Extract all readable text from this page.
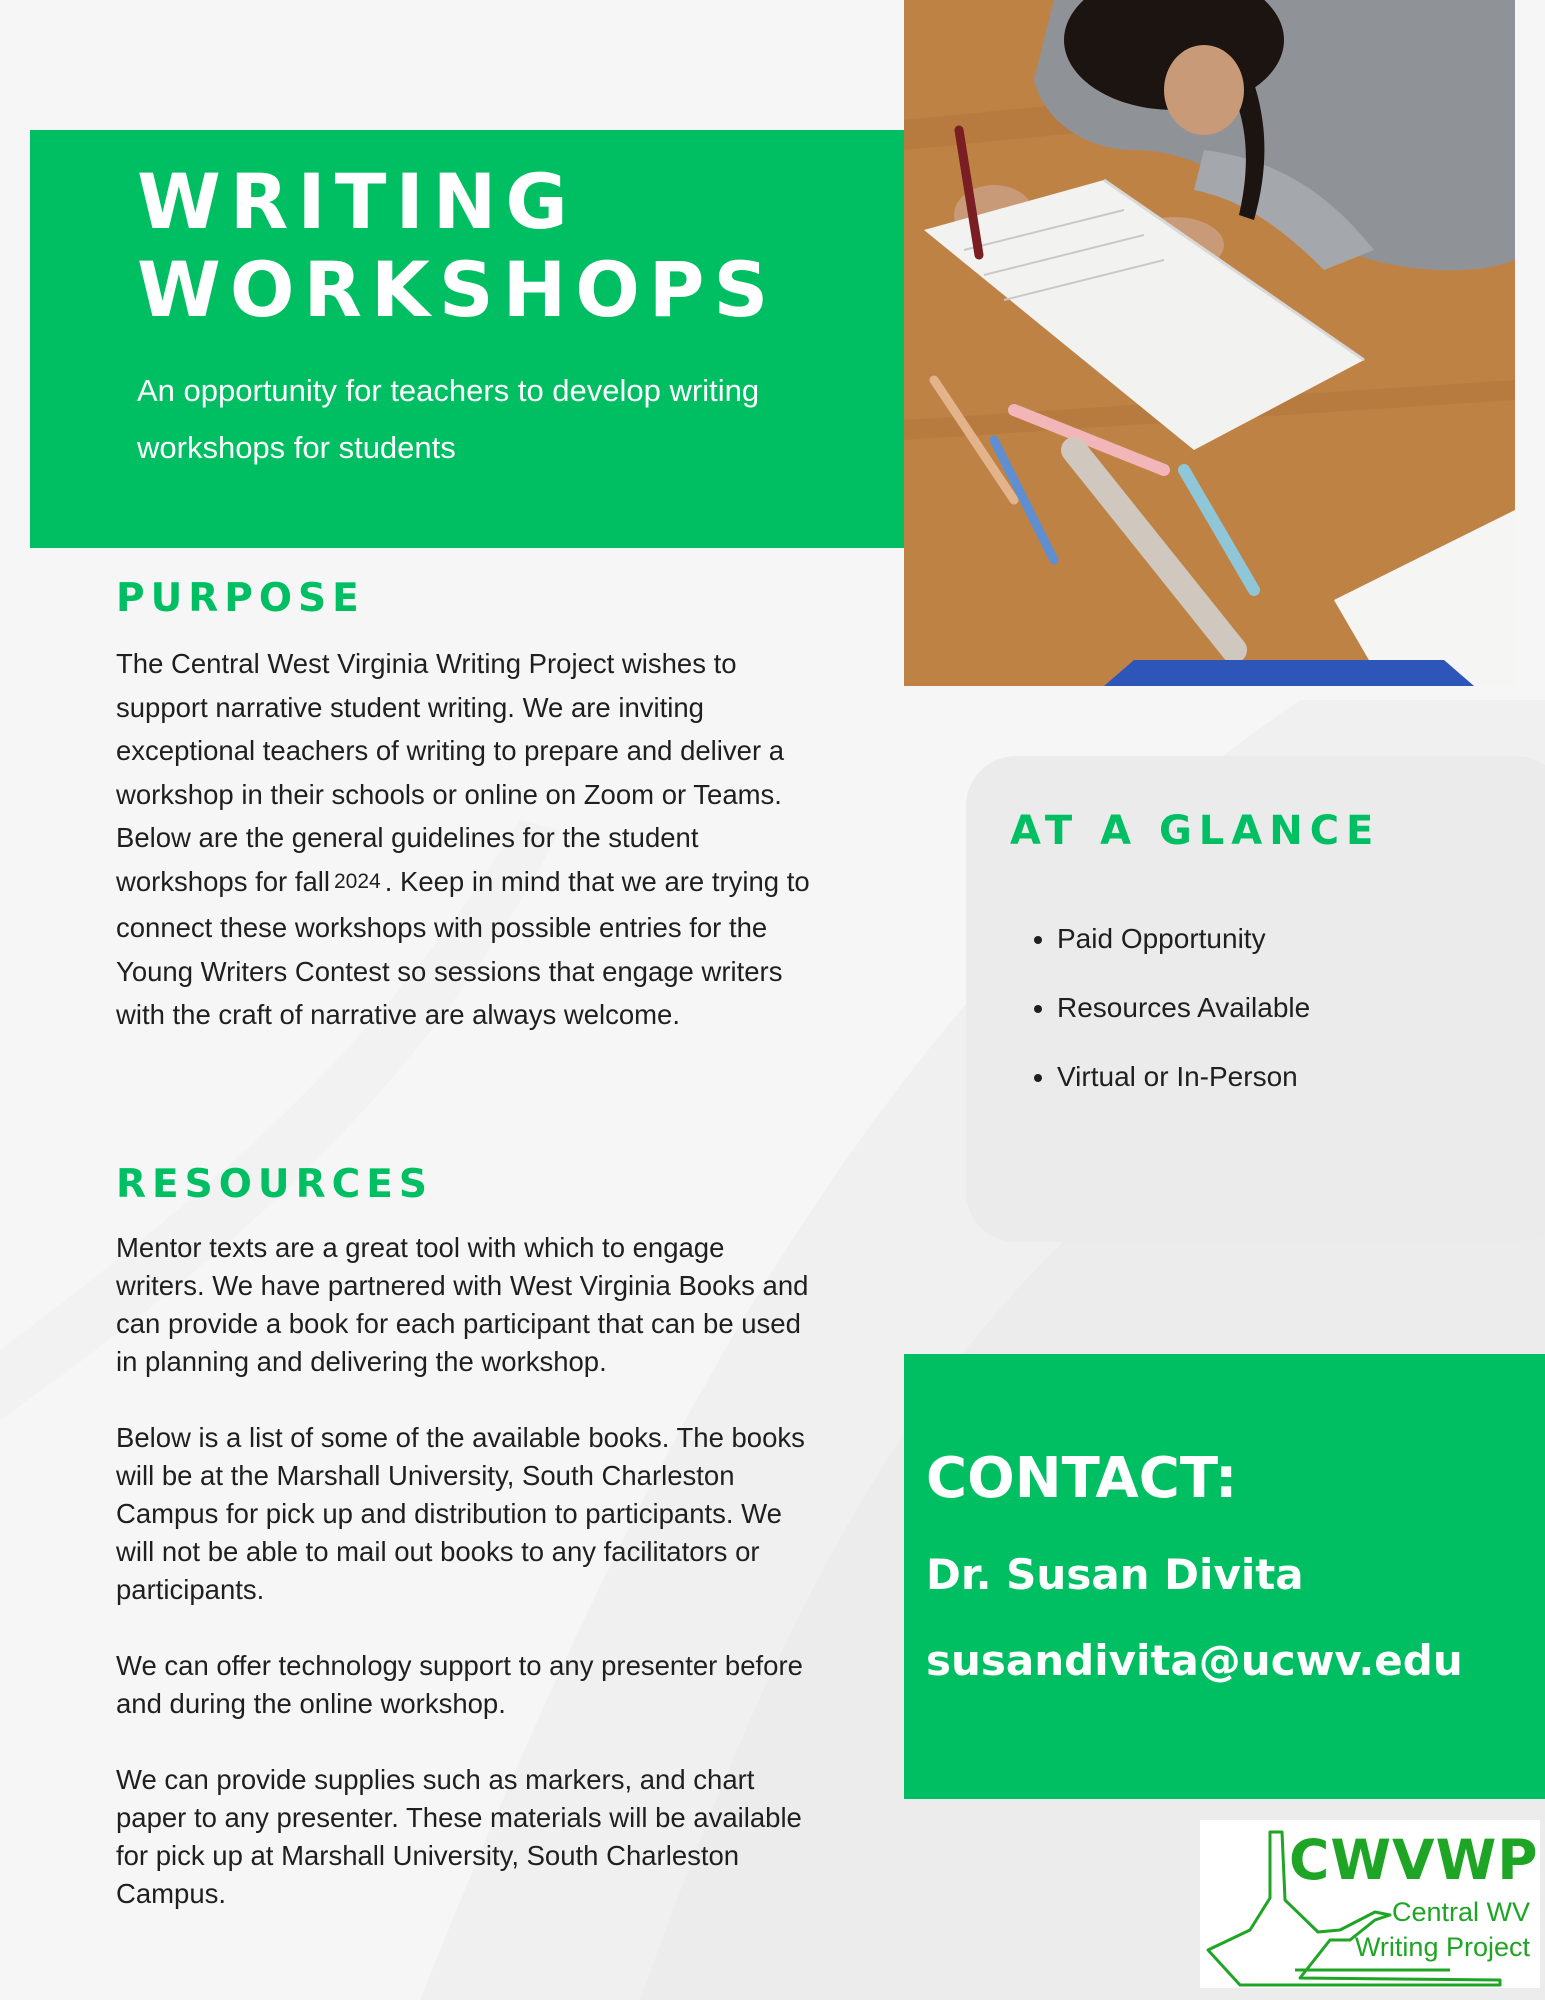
WRITING
WORKSHOPS

An opportunity for teachers to develop writing workshops for students

PURPOSE

The Central West Virginia Writing Project wishes to support narrative student writing. We are inviting exceptional teachers of writing to prepare and deliver a workshop in their schools or online on Zoom or Teams. Below are the general guidelines for the student workshops for fall 2024 . Keep in mind that we are trying to connect these workshops with possible entries for the Young Writers Contest so sessions that engage writers with the craft of narrative are always welcome.

RESOURCES

Mentor texts are a great tool with which to engage writers. We have partnered with West Virginia Books and can provide a book for each participant that can be used in planning and delivering the workshop.

Below is a list of some of the available books. The books will be at the Marshall University, South Charleston Campus for pick up and distribution to participants. We will not be able to mail out books to any facilitators or participants.

We can offer technology support to any presenter before and during the online workshop.

We can provide supplies such as markers, and chart paper to any presenter. These materials will be available for pick up at Marshall University, South Charleston Campus.

AT A GLANCE
• Paid Opportunity
• Resources Available
• Virtual or In-Person

CONTACT:

Dr. Susan Divita

susandivita@ucwv.edu

CWVWP

Central WV

Writing Project
